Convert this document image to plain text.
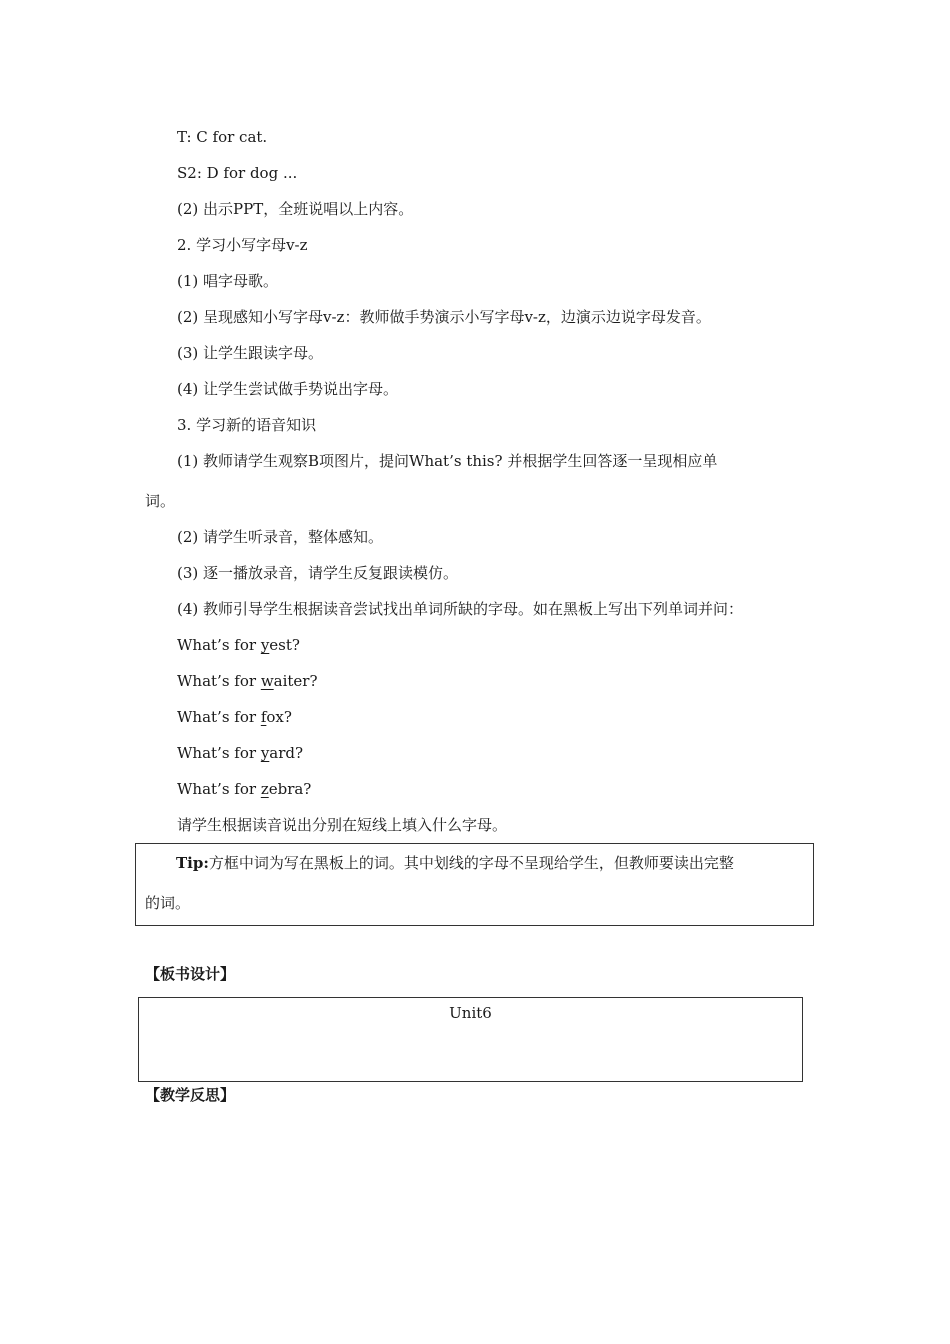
T: C for cat.
S2: D for dog ...
(2) 出示PPT，全班说唱以上内容。
2. 学习小写字母v-z
(1) 唱字母歌。
(2) 呈现感知小写字母v-z：教师做手势演示小写字母v-z，边演示边说字母发音。
(3) 让学生跟读字母。
(4) 让学生尝试做手势说出字母。
3. 学习新的语音知识
(1) 教师请学生观察B项图片，提问What’s this? 并根据学生回答逐一呈现相应单
词。
(2) 请学生听录音，整体感知。
(3) 逐一播放录音，请学生反复跟读模仿。
(4) 教师引导学生根据读音尝试找出单词所缺的字母。如在黑板上写出下列单词并问：
What’s for yest?
What’s for waiter?
What’s for fox?
What’s for yard?
What’s for zebra?
请学生根据读音说出分别在短线上填入什么字母。
Tip:方框中词为写在黑板上的词。其中划线的字母不呈现给学生，但教师要读出完整
的词。
【板书设计】
Unit6
【教学反思】
